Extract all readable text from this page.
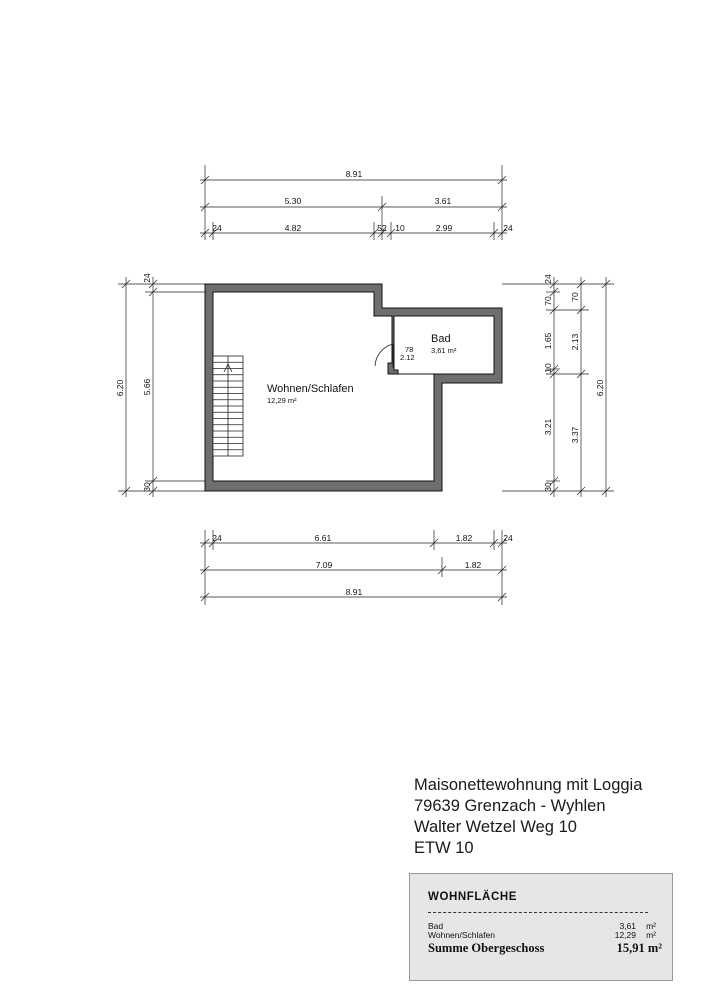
8.91
5.30	3.61
24	4.82	52 10	2.99	24
24	6.61	1.82	24
7.09	1.82
8.91
6.20 5.66
24
30
24
70
1.65
10
3.21
30
70
2.13
3.37
6.20
Wohnen/Schlafen
12,29 m²
Bad
3,61 m²
78
2.12
Maisonettewohnung mit Loggia
79639 Grenzach - Wyhlen
Walter Wetzel Weg 10
ETW 10
WOHNFLÄCHE
Bad	3,61 m²
Wohnen/Schlafen	12,29 m²
Summe Obergeschoss	15,91 m²
